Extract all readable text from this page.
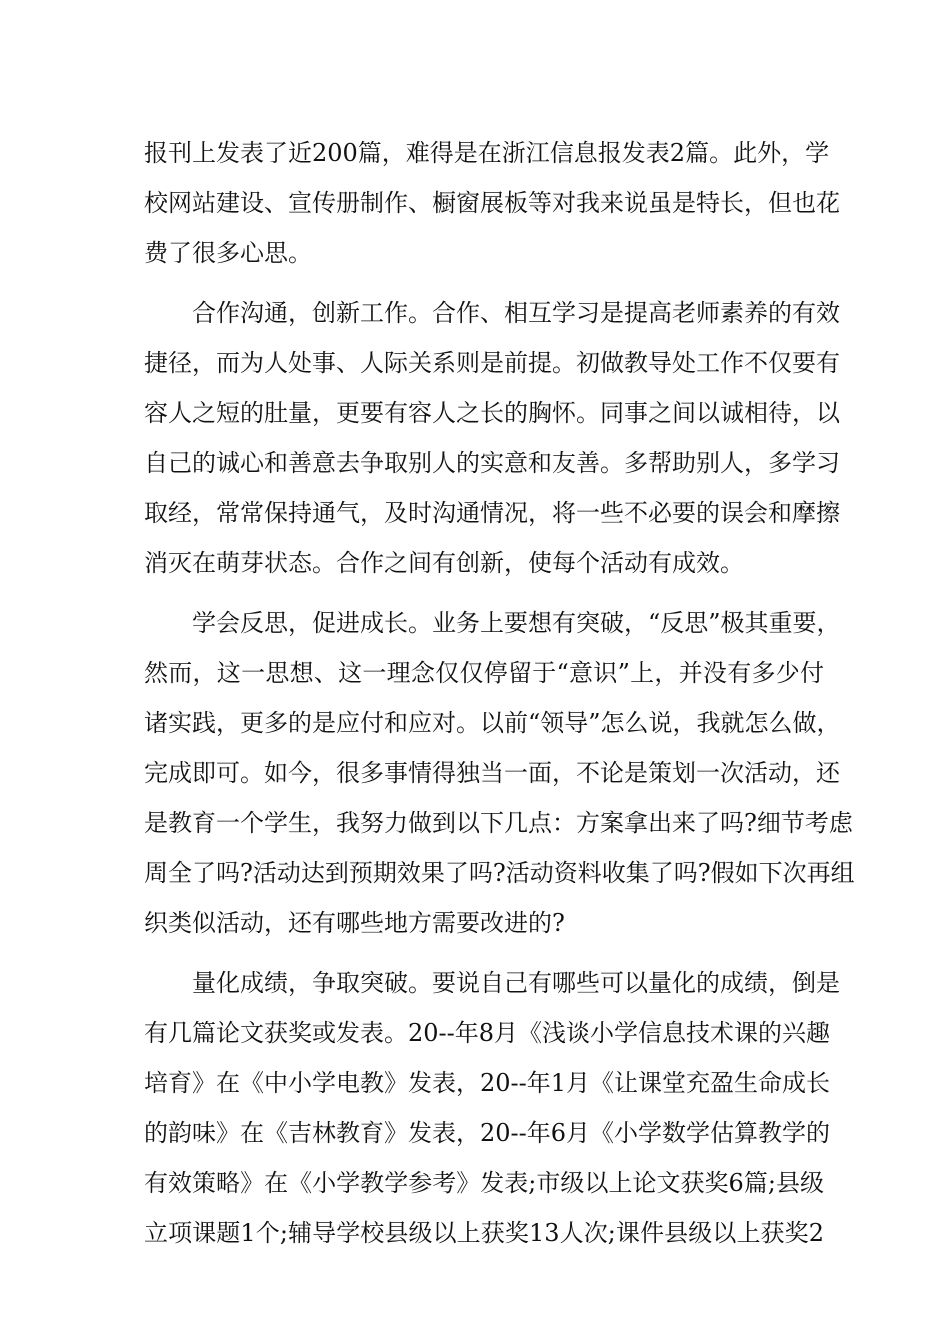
报刊上发表了近200篇，难得是在浙江信息报发表2篇。此外，学
校网站建设、宣传册制作、橱窗展板等对我来说虽是特长，但也花
费了很多心思。
合作沟通，创新工作。合作、相互学习是提高老师素养的有效
捷径，而为人处事、人际关系则是前提。初做教导处工作不仅要有
容人之短的肚量，更要有容人之长的胸怀。同事之间以诚相待，以
自己的诚心和善意去争取别人的实意和友善。多帮助别人，多学习
取经，常常保持通气，及时沟通情况，将一些不必要的误会和摩擦
消灭在萌芽状态。合作之间有创新，使每个活动有成效。
学会反思，促进成长。业务上要想有突破，“反思”极其重要，
然而，这一思想、这一理念仅仅停留于“意识”上，并没有多少付
诸实践，更多的是应付和应对。以前“领导”怎么说，我就怎么做，
完成即可。如今，很多事情得独当一面，不论是策划一次活动，还
是教育一个学生，我努力做到以下几点：方案拿出来了吗?细节考虑
周全了吗?活动达到预期效果了吗?活动资料收集了吗?假如下次再组
织类似活动，还有哪些地方需要改进的?
量化成绩，争取突破。要说自己有哪些可以量化的成绩，倒是
有几篇论文获奖或发表。20--年8月《浅谈小学信息技术课的兴趣
培育》在《中小学电教》发表，20--年1月《让课堂充盈生命成长
的韵味》在《吉林教育》发表，20--年6月《小学数学估算教学的
有效策略》在《小学教学参考》发表;市级以上论文获奖6篇;县级
立项课题1个;辅导学校县级以上获奖13人次;课件县级以上获奖2
